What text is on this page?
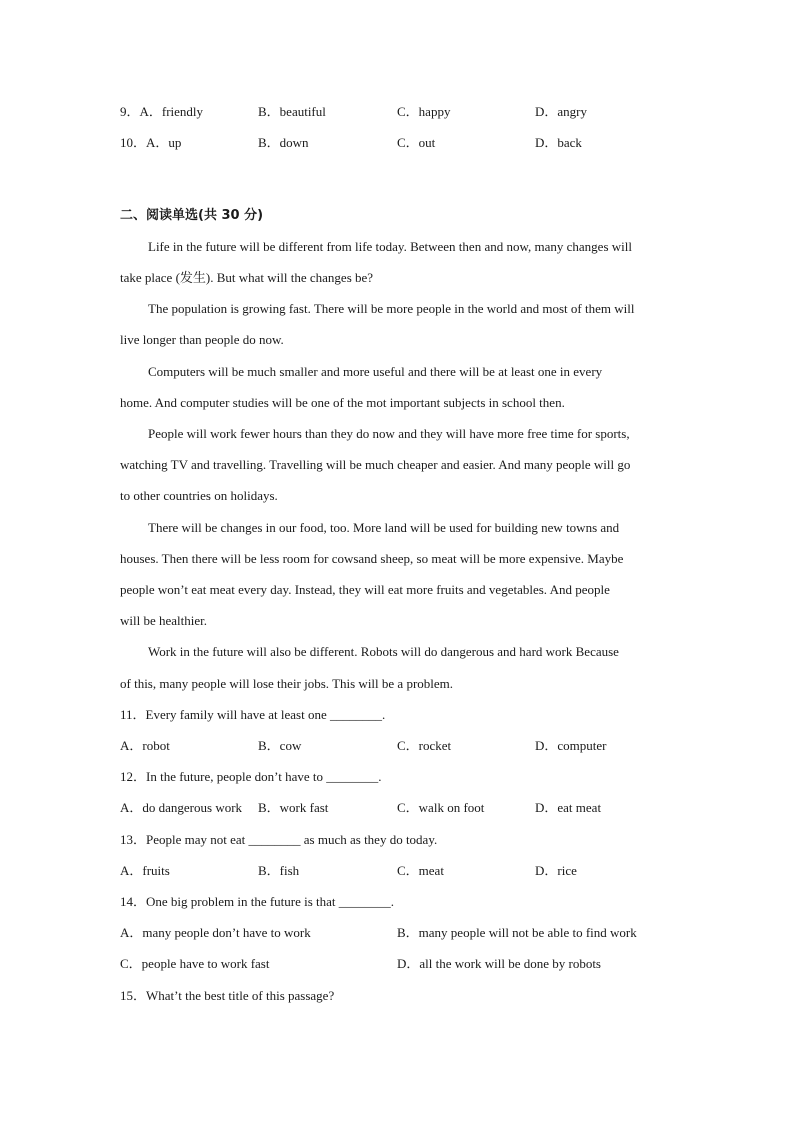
9．A．friendly	B．beautiful	C．happy	D．angry
10．A．up	B．down	C．out	D．back
二、阅读单选(共 30 分)
Life in the future will be different from life today. Between then and now, many changes will
take place (发生). But what will the changes be?
The population is growing fast. There will be more people in the world and most of them will
live longer than people do now.
Computers will be much smaller and more useful and there will be at least one in every
home. And computer studies will be one of the mot important subjects in school then.
People will work fewer hours than they do now and they will have more free time for sports,
watching TV and travelling. Travelling will be much cheaper and easier. And many people will go
to other countries on holidays.
There will be changes in our food, too. More land will be used for building new towns and
houses. Then there will be less room for cowsand sheep, so meat will be more expensive. Maybe
people won’t eat meat every day. Instead, they will eat more fruits and vegetables. And people
will be healthier.
Work in the future will also be different. Robots will do dangerous and hard work Because
of this, many people will lose their jobs. This will be a problem.
11．Every family will have at least one ________.
A．robot	B．cow	C．rocket	D．computer
12．In the future, people don’t have to ________.
A．do dangerous work B．work fast	C．walk on foot	D．eat meat
13．People may not eat ________ as much as they do today.
A．fruits	B．fish	C．meat	D．rice
14．One big problem in the future is that ________.
A．many people don’t have to work	B．many people will not be able to find work
C．people have to work fast	D．all the work will be done by robots
15．What’t the best title of this passage?
